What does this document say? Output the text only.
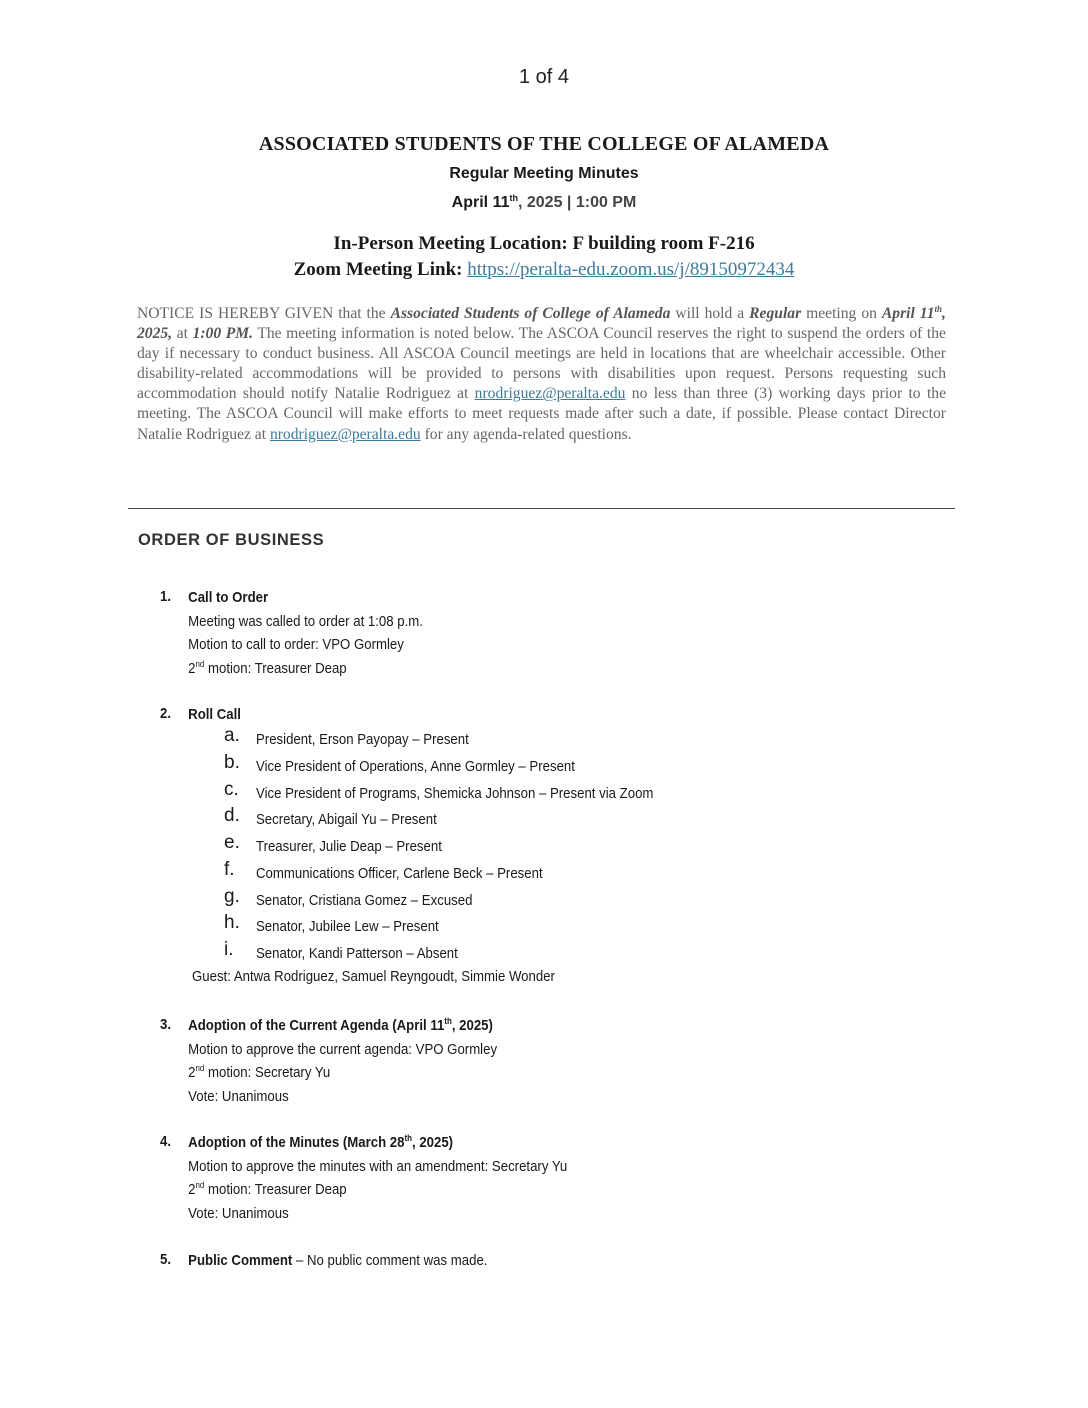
1 of 4
ASSOCIATED STUDENTS OF THE COLLEGE OF ALAMEDA
Regular Meeting Minutes
April 11th, 2025 | 1:00 PM
In-Person Meeting Location: F building room F-216
Zoom Meeting Link: https://peralta-edu.zoom.us/j/89150972434
NOTICE IS HEREBY GIVEN that the Associated Students of College of Alameda will hold a Regular meeting on April 11th, 2025, at 1:00 PM. The meeting information is noted below. The ASCOA Council reserves the right to suspend the orders of the day if necessary to conduct business. All ASCOA Council meetings are held in locations that are wheelchair accessible. Other disability-related accommodations will be provided to persons with disabilities upon request. Persons requesting such accommodation should notify Natalie Rodriguez at nrodriguez@peralta.edu no less than three (3) working days prior to the meeting. The ASCOA Council will make efforts to meet requests made after such a date, if possible. Please contact Director Natalie Rodriguez at nrodriguez@peralta.edu for any agenda-related questions.
ORDER OF BUSINESS
1. Call to Order
Meeting was called to order at 1:08 p.m.
Motion to call to order: VPO Gormley
2nd motion: Treasurer Deap
2. Roll Call
a. President, Erson Payopay – Present
b. Vice President of Operations, Anne Gormley – Present
c. Vice President of Programs, Shemicka Johnson – Present via Zoom
d. Secretary, Abigail Yu – Present
e. Treasurer, Julie Deap – Present
f. Communications Officer, Carlene Beck – Present
g. Senator, Cristiana Gomez – Excused
h. Senator, Jubilee Lew – Present
i. Senator, Kandi Patterson – Absent
Guest: Antwa Rodriguez, Samuel Reyngoudt, Simmie Wonder
3. Adoption of the Current Agenda (April 11th, 2025)
Motion to approve the current agenda: VPO Gormley
2nd motion: Secretary Yu
Vote: Unanimous
4. Adoption of the Minutes (March 28th, 2025)
Motion to approve the minutes with an amendment: Secretary Yu
2nd motion: Treasurer Deap
Vote: Unanimous
5. Public Comment – No public comment was made.
